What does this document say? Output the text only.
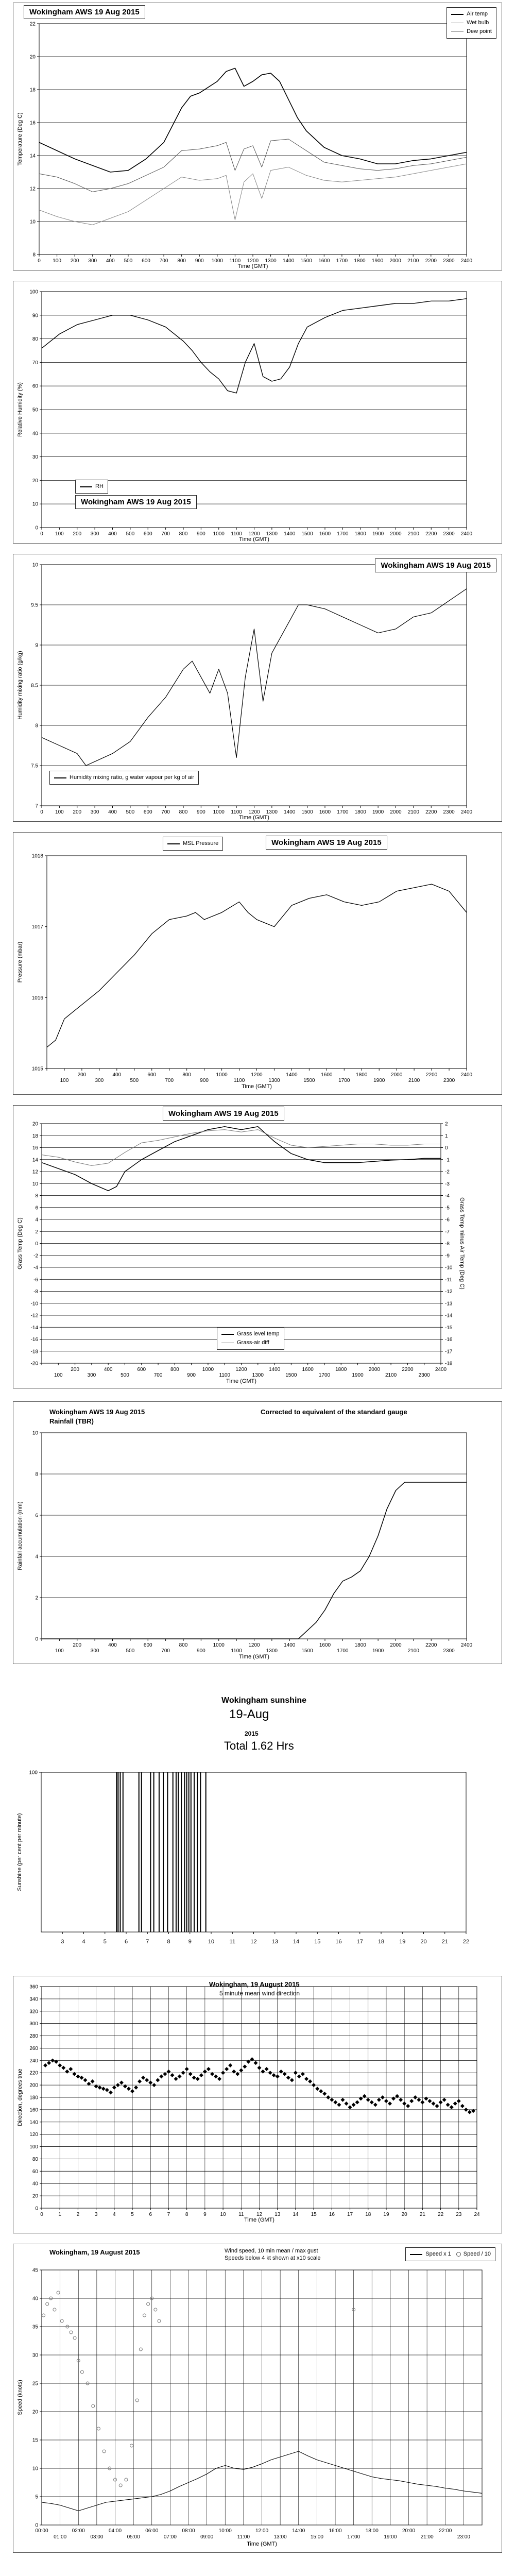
8
10
12
14
16
18
20
22
0 100 200 300 400 500 600 700 800 900 1000 1100 1200 1300 1400 1500 1600 1700 1800 1900 2000 2100 2200 2300 2400
Time (GMT)
Temperature (Deg C)
Wokingham AWS 19 Aug 2015	Air temp
Wet bulb
Dew point
0
10
20
30
40
50
60
70
80
90
100
0 100 200 300 400 500 600 700 800 900 1000 1100 1200 1300 1400 1500 1600 1700 1800 1900 2000 2100 2200 2300 2400
Time (GMT)
Relative Humidity (%)
Wokingham AWS 19 Aug 2015
RH
7
7.5
8
8.5
9
9.5
10
0 100 200 300 400 500 600 700 800 900 1000 1100 1200 1300 1400 1500 1600 1700 1800 1900 2000 2100 2200 2300 2400
Time (GMT)
Humidity mixing ratio (g/kg)
Wokingham AWS 19 Aug 2015
Humidity mixing ratio, g water vapour per kg of air
1015
1016
1017
1018
100
200
300
400
500
600
700
800
900
1000
1100
1200
1300
1400
1500
1600
1700
1800
1900
2000
2100
2200
2300
2400
Time (GMT)
Pressure (mbar)
MSL Pressure	Wokingham AWS 19 Aug 2015
-20
-18
-16
-14
-12
-10
-8
-6
-4
-2
0
2
4
6
8
10
12
14
16
18
20
-18
-17
-16
-15
-14
-13
-12
-11
-10
-9
-8
-7
-6
-5
-4
-3
-2
-1
0
1
2
100
200
300
400
500
600
700
800
900
1000
1100
1200
1300
1400
1500
1600
1700
1800
1900
2000
2100
2200
2300
2400
Time (GMT)
Grass Temp (Deg C)	Grass Temp minus Air Temp (Deg C)
Wokingham AWS 19 Aug 2015
Grass level temp
Grass-air diff
0
2
4
6
8
10
100
200
300
400
500
600
700
800
900
1000
1100
1200
1300
1400
1500
1600
1700
1800
1900
2000
2100
2200
2300
2400
Time (GMT)
Rainfall accumulation (mm)
Wokingham AWS 19 Aug 2015
Rainfall (TBR)
Corrected to equivalent of the standard gauge
100
3	4	5	6	7	8	9	10	11	12	13	14	15	16	17	18	19	20	21	22
Sunshine (per cent per minute)
Wokingham sunshine
19-Aug
2015
Total 1.62 Hrs
0
20
40
60
80
100
120
140
160
180
200
220
240
260
280
300
320
340
360
0	1	2	3	4	5	6	7	8	9	10 11 12 13 14 15 16 17 18 19 20 21 22 23 24
Time (GMT)
Direction, degrees true
Wokingham, 19 August 2015
5 minute mean wind direction
0
5
10
15
20
25
30
35
40
45
00:00	02:00	04:00	06:00	08:00	10:00	12:00	14:00	16:00	18:00	20:00	22:00
01:00	03:00	05:00	07:00	09:00	11:00	13:00	15:00	17:00	19:00	21:00	23:00
Time (GMT)
Speed (knots)
Wokingham, 19 August 2015	Wind speed, 10 min mean / max gust
Speeds below 4 kt shown at x10 scale
Speed x 1 Speed / 10
